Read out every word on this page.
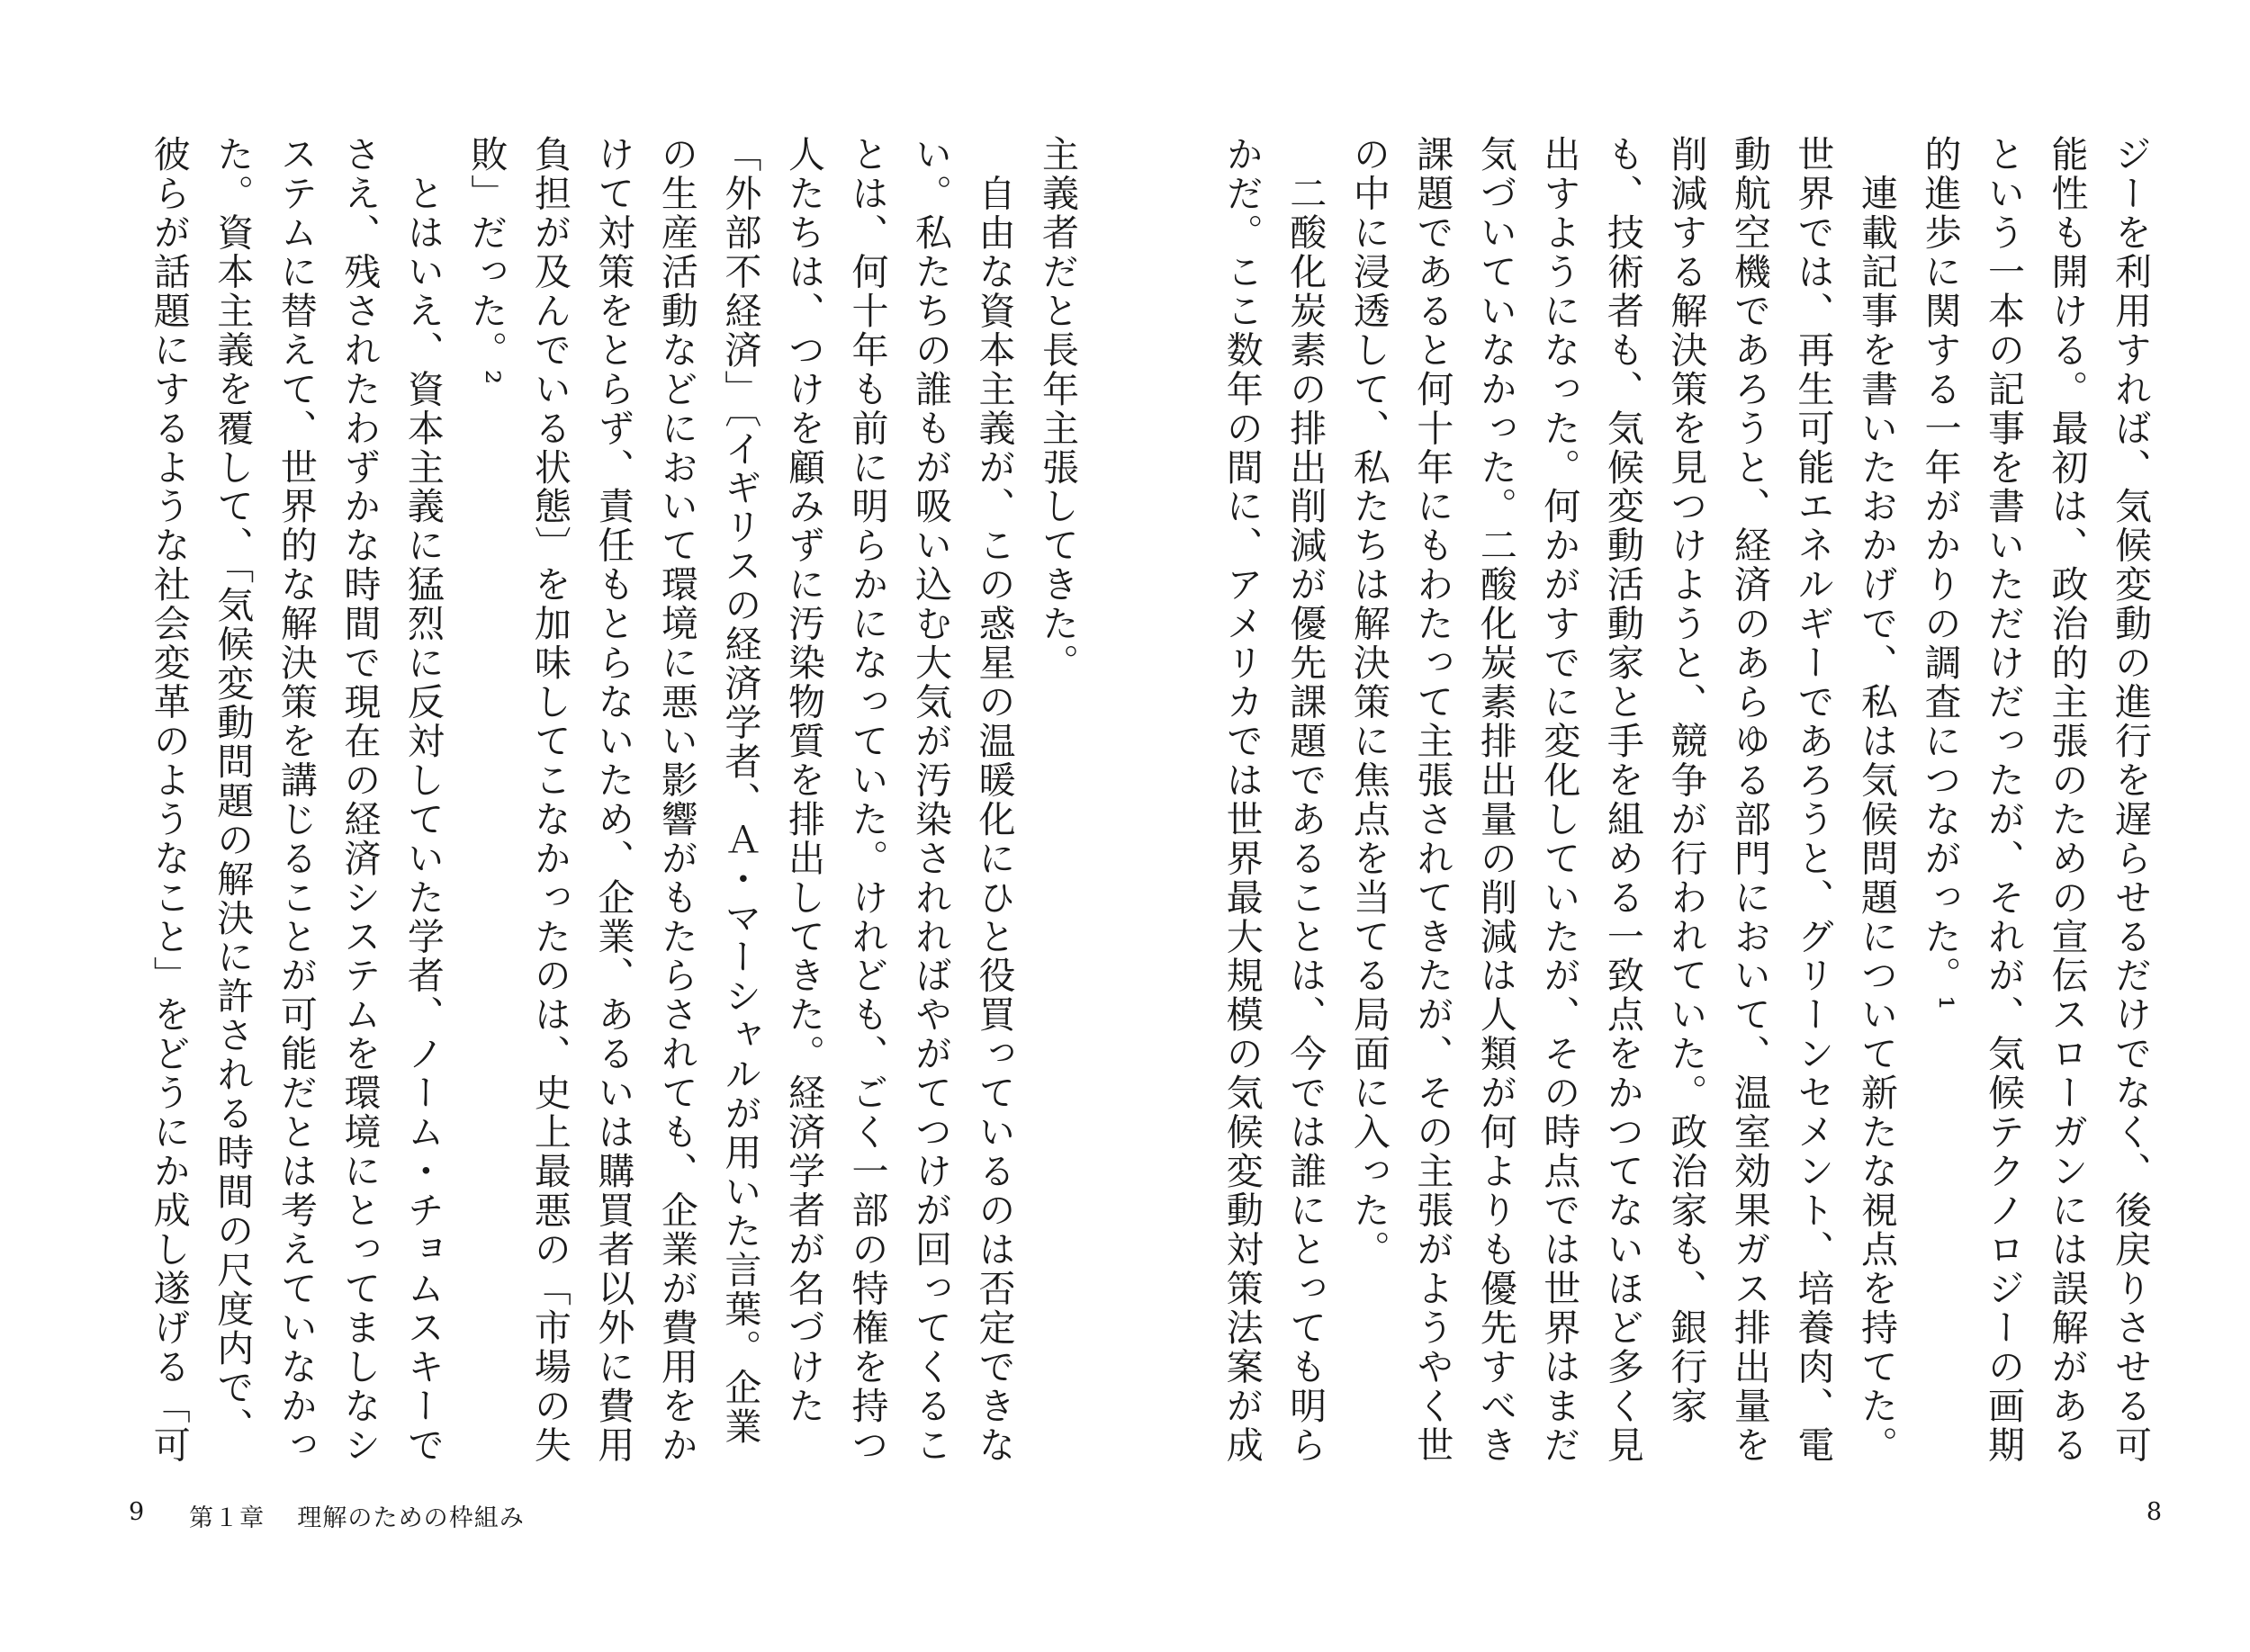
主義者だと長年主張してきた。
　自由な資本主義が、この惑星の温暖化にひと役買っているのは否定できない。私たちの誰もが吸い込む大気が汚染されればやがてつけが回ってくることは、何十年も前に明らかになっていた。けれども、ごく一部の特権を持つ人たちは、つけを顧みずに汚染物質を排出してきた。経済学者が名づけた「外部不経済」〔イギリスの経済学者、Ａ・マーシャルが用いた言葉。企業の生産活動などにおいて環境に悪い影響がもたらされても、企業が費用をかけて対策をとらず、責任もとらないため、企業、あるいは購買者以外に費用負担が及んでいる状態〕を加味してこなかったのは、史上最悪の「市場の失敗」だった。²
　とはいえ、資本主義に猛烈に反対していた学者、ノーム・チョムスキーでさえ、残されたわずかな時間で現在の経済システムを環境にとってましなシステムに替えて、世界的な解決策を講じることが可能だとは考えていなかった。資本主義を覆して、「気候変動問題の解決に許される時間の尺度内で、彼らが話題にするような社会変革のようなこと」をどうにか成し遂げる「可

9 第１章 理解のための枠組み
ジーを利用すれば、気候変動の進行を遅らせるだけでなく、後戻りさせる可能性も開ける。最初は、政治的主張のための宣伝スローガンには誤解があるという一本の記事を書いただけだったが、それが、気候テクノロジーの画期的進歩に関する一年がかりの調査につながった。¹
　連載記事を書いたおかげで、私は気候問題について新たな視点を持てた。世界では、再生可能エネルギーであろうと、グリーンセメント、培養肉、電動航空機であろうと、経済のあらゆる部門において、温室効果ガス排出量を削減する解決策を見つけようと、競争が行われていた。政治家も、銀行家も、技術者も、気候変動活動家と手を組める一致点をかつてないほど多く見出すようになった。何かがすでに変化していたが、その時点では世界はまだ気づいていなかった。二酸化炭素排出量の削減は人類が何よりも優先すべき課題であると何十年にもわたって主張されてきたが、その主張がようやく世の中に浸透して、私たちは解決策に焦点を当てる局面に入った。
　二酸化炭素の排出削減が優先課題であることは、今では誰にとっても明らかだ。ここ数年の間に、アメリカでは世界最大規模の気候変動対策法案が成

8
